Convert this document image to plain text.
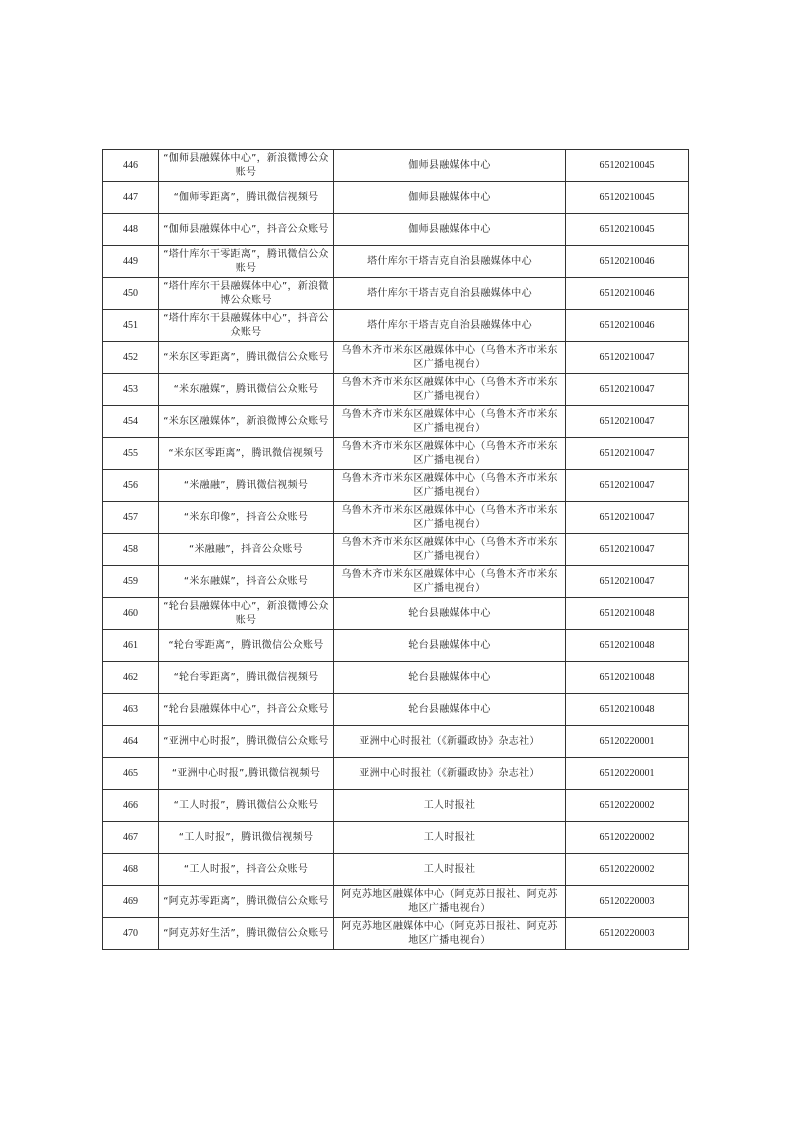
446	“伽师县融媒体中心”，新浪微博公众账号	伽师县融媒体中心	65120210045
447	“伽师零距离”，腾讯微信视频号	伽师县融媒体中心	65120210045
448	“伽师县融媒体中心”，抖音公众账号	伽师县融媒体中心	65120210045
449	“塔什库尔干零距离”，腾讯微信公众账号	塔什库尔干塔吉克自治县融媒体中心	65120210046
450	“塔什库尔干县融媒体中心”，新浪微博公众账号	塔什库尔干塔吉克自治县融媒体中心	65120210046
451	“塔什库尔干县融媒体中心”，抖音公众账号	塔什库尔干塔吉克自治县融媒体中心	65120210046
452	“米东区零距离”，腾讯微信公众账号	乌鲁木齐市米东区融媒体中心（乌鲁木齐市米东区广播电视台）	65120210047
453	“米东融媒”，腾讯微信公众账号	乌鲁木齐市米东区融媒体中心（乌鲁木齐市米东区广播电视台）	65120210047
454	“米东区融媒体”，新浪微博公众账号	乌鲁木齐市米东区融媒体中心（乌鲁木齐市米东区广播电视台）	65120210047
455	“米东区零距离”，腾讯微信视频号	乌鲁木齐市米东区融媒体中心（乌鲁木齐市米东区广播电视台）	65120210047
456	“米融融”，腾讯微信视频号	乌鲁木齐市米东区融媒体中心（乌鲁木齐市米东区广播电视台）	65120210047
457	“米东印像”，抖音公众账号	乌鲁木齐市米东区融媒体中心（乌鲁木齐市米东区广播电视台）	65120210047
458	“米融融”，抖音公众账号	乌鲁木齐市米东区融媒体中心（乌鲁木齐市米东区广播电视台）	65120210047
459	“米东融媒”，抖音公众账号	乌鲁木齐市米东区融媒体中心（乌鲁木齐市米东区广播电视台）	65120210047
460	“轮台县融媒体中心”，新浪微博公众账号	轮台县融媒体中心	65120210048
461	“轮台零距离”，腾讯微信公众账号	轮台县融媒体中心	65120210048
462	“轮台零距离”，腾讯微信视频号	轮台县融媒体中心	65120210048
463	“轮台县融媒体中心”，抖音公众账号	轮台县融媒体中心	65120210048
464	“亚洲中心时报”，腾讯微信公众账号	亚洲中心时报社（《新疆政协》杂志社）	65120220001
465	“亚洲中心时报”,腾讯微信视频号	亚洲中心时报社（《新疆政协》杂志社）	65120220001
466	“工人时报”，腾讯微信公众账号	工人时报社	65120220002
467	“工人时报”，腾讯微信视频号	工人时报社	65120220002
468	“工人时报”，抖音公众账号	工人时报社	65120220002
469	“阿克苏零距离”，腾讯微信公众账号	阿克苏地区融媒体中心（阿克苏日报社、阿克苏地区广播电视台）	65120220003
470	“阿克苏好生活”，腾讯微信公众账号	阿克苏地区融媒体中心（阿克苏日报社、阿克苏地区广播电视台）	65120220003
